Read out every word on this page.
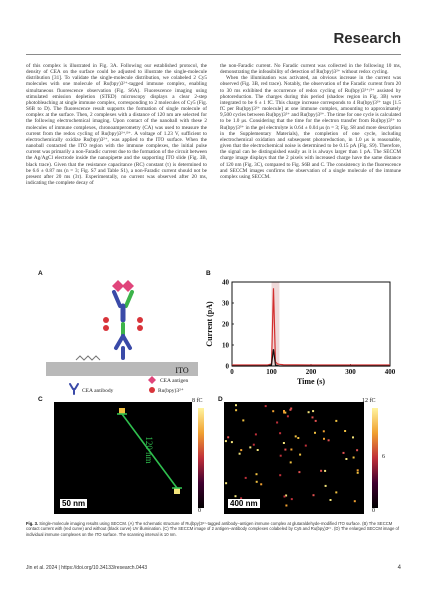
Research

of this complex is illustrated in Fig. 3A. Following our established protocol, the density of CEA on the surface could be adjusted to illustrate the single-molecule distribution [31]. To validate the single-molecule distribution, we colabeled 2 Cy5 molecules with one molecule of Ru(bpy)3²⁺-tagged immune complex, enabling simultaneous fluorescence observation (Fig. S6A). Fluorescence imaging using stimulated emission depletion (STED) microscopy displays a clear 2-step photobleaching at single immune complex, corresponding to 2 molecules of Cy5 (Fig. S6B to D). The fluorescence result supports the formation of single molecule of complex at the surface. Then, 2 complexes with a distance of 120 nm are selected for the following electrochemical imaging. Upon contact of the nanoball with these 2 molecules of immune complexes, chronoamperometry (CA) was used to measure the current from the redox cycling of Ru(bpy)3²⁺/³⁺. A voltage of 1.23 V, sufficient to electrochemically oxidize Ru(bpy)3²⁺, was applied to the ITO surface. When the nanoball contacted the ITO region with the immune complexes, the initial pulse current was primarily a non-Faradic current due to the formation of the circuit between the Ag/AgCl electrode inside the nanopipette and the supporting ITO slide (Fig. 3B, black trace). Given that the resistance capacitance (RC) constant (τ) is determined to be 6.6 ± 0.87 ms (n = 3; Fig. S7 and Table S1), a non-Faradic current should not be present after 20 ms (3τ). Experimentally, no current was observed after 20 ms, indicating the complete decay of

the non-Faradic current. No Faradic current was collected in the following 10 ms, demonstrating the infeasibility of detection of Ru(bpy)3²⁺ without redox cycling.

When the illumination was activated, an obvious increase in the current was observed (Fig. 3B, red trace). Notably, the observation of the Faradic current from 20 to 30 ms exhibited the occurrence of redox cycling of Ru(bpy)3²⁺/³⁺ assisted by photoreduction. The charges during this period (shadow region in Fig. 3B) were integrated to be 6 ± 1 fC. This charge increase corresponds to 4 Ru(bpy)3²⁺ tags [1.5 fC per Ru(bpy)3²⁺ molecule] at one immune complex, amounting to approximately 9,500 cycles between Ru(bpy)3²⁺ and Ru(bpy)3³⁺. The time for one cycle is calculated to be 1.0 μs. Considering that the time for the electron transfer from Ru(bpy)3²⁺ to Ru(bpy)3³⁺ in the gel electrolyte is 0.64 ± 0.04 μs (n = 3; Fig. S8 and more description in the Supplementary Materials), the completion of one cycle, including electrochemical oxidation and subsequent photoreduction, in 1.0 μs is reasonable, given that the electrochemical noise is determined to be 0.15 pA (Fig. S9). Therefore, the signal can be distinguished easily as it is always larger than 1 pA. The SECCM charge image displays that the 2 pixels with increased charge have the same distance of 120 nm (Fig. 3C), compared to Fig. S6B and C. The consistency in the fluorescence and SECCM images confirms the observation of a single molecule of the immune complex using SECCM.

A
ITO
CEA antigen
CEA antibody	Ru(bpy)3²⁺
B
0	100	200	300	400
0
10
20
30
40
Time (s)
Current (pA)
C
120 nm
50 nm
8 fC
0
D
400 nm
12 fC
6
0
Fig. 3. Single-molecule imaging results using SECCM. (A) The schematic structure of Ru(bpy)3²⁺-tagged antibody–antigen immune complex at glutaraldehyde-modified ITO surface. (B) The SECCM contact current with (red curve) and without (black curve) UV illumination. (C) The SECCM image of 2 antigen–antibody complexes colabeled by Cy5 and Ru(bpy)3²⁺. (D) The enlarged SECCM image of individual immune complexes on the ITO surface. The scanning interval is 10 nm.
Jin et al. 2024 | https://doi.org/10.34133/research.0443	4
